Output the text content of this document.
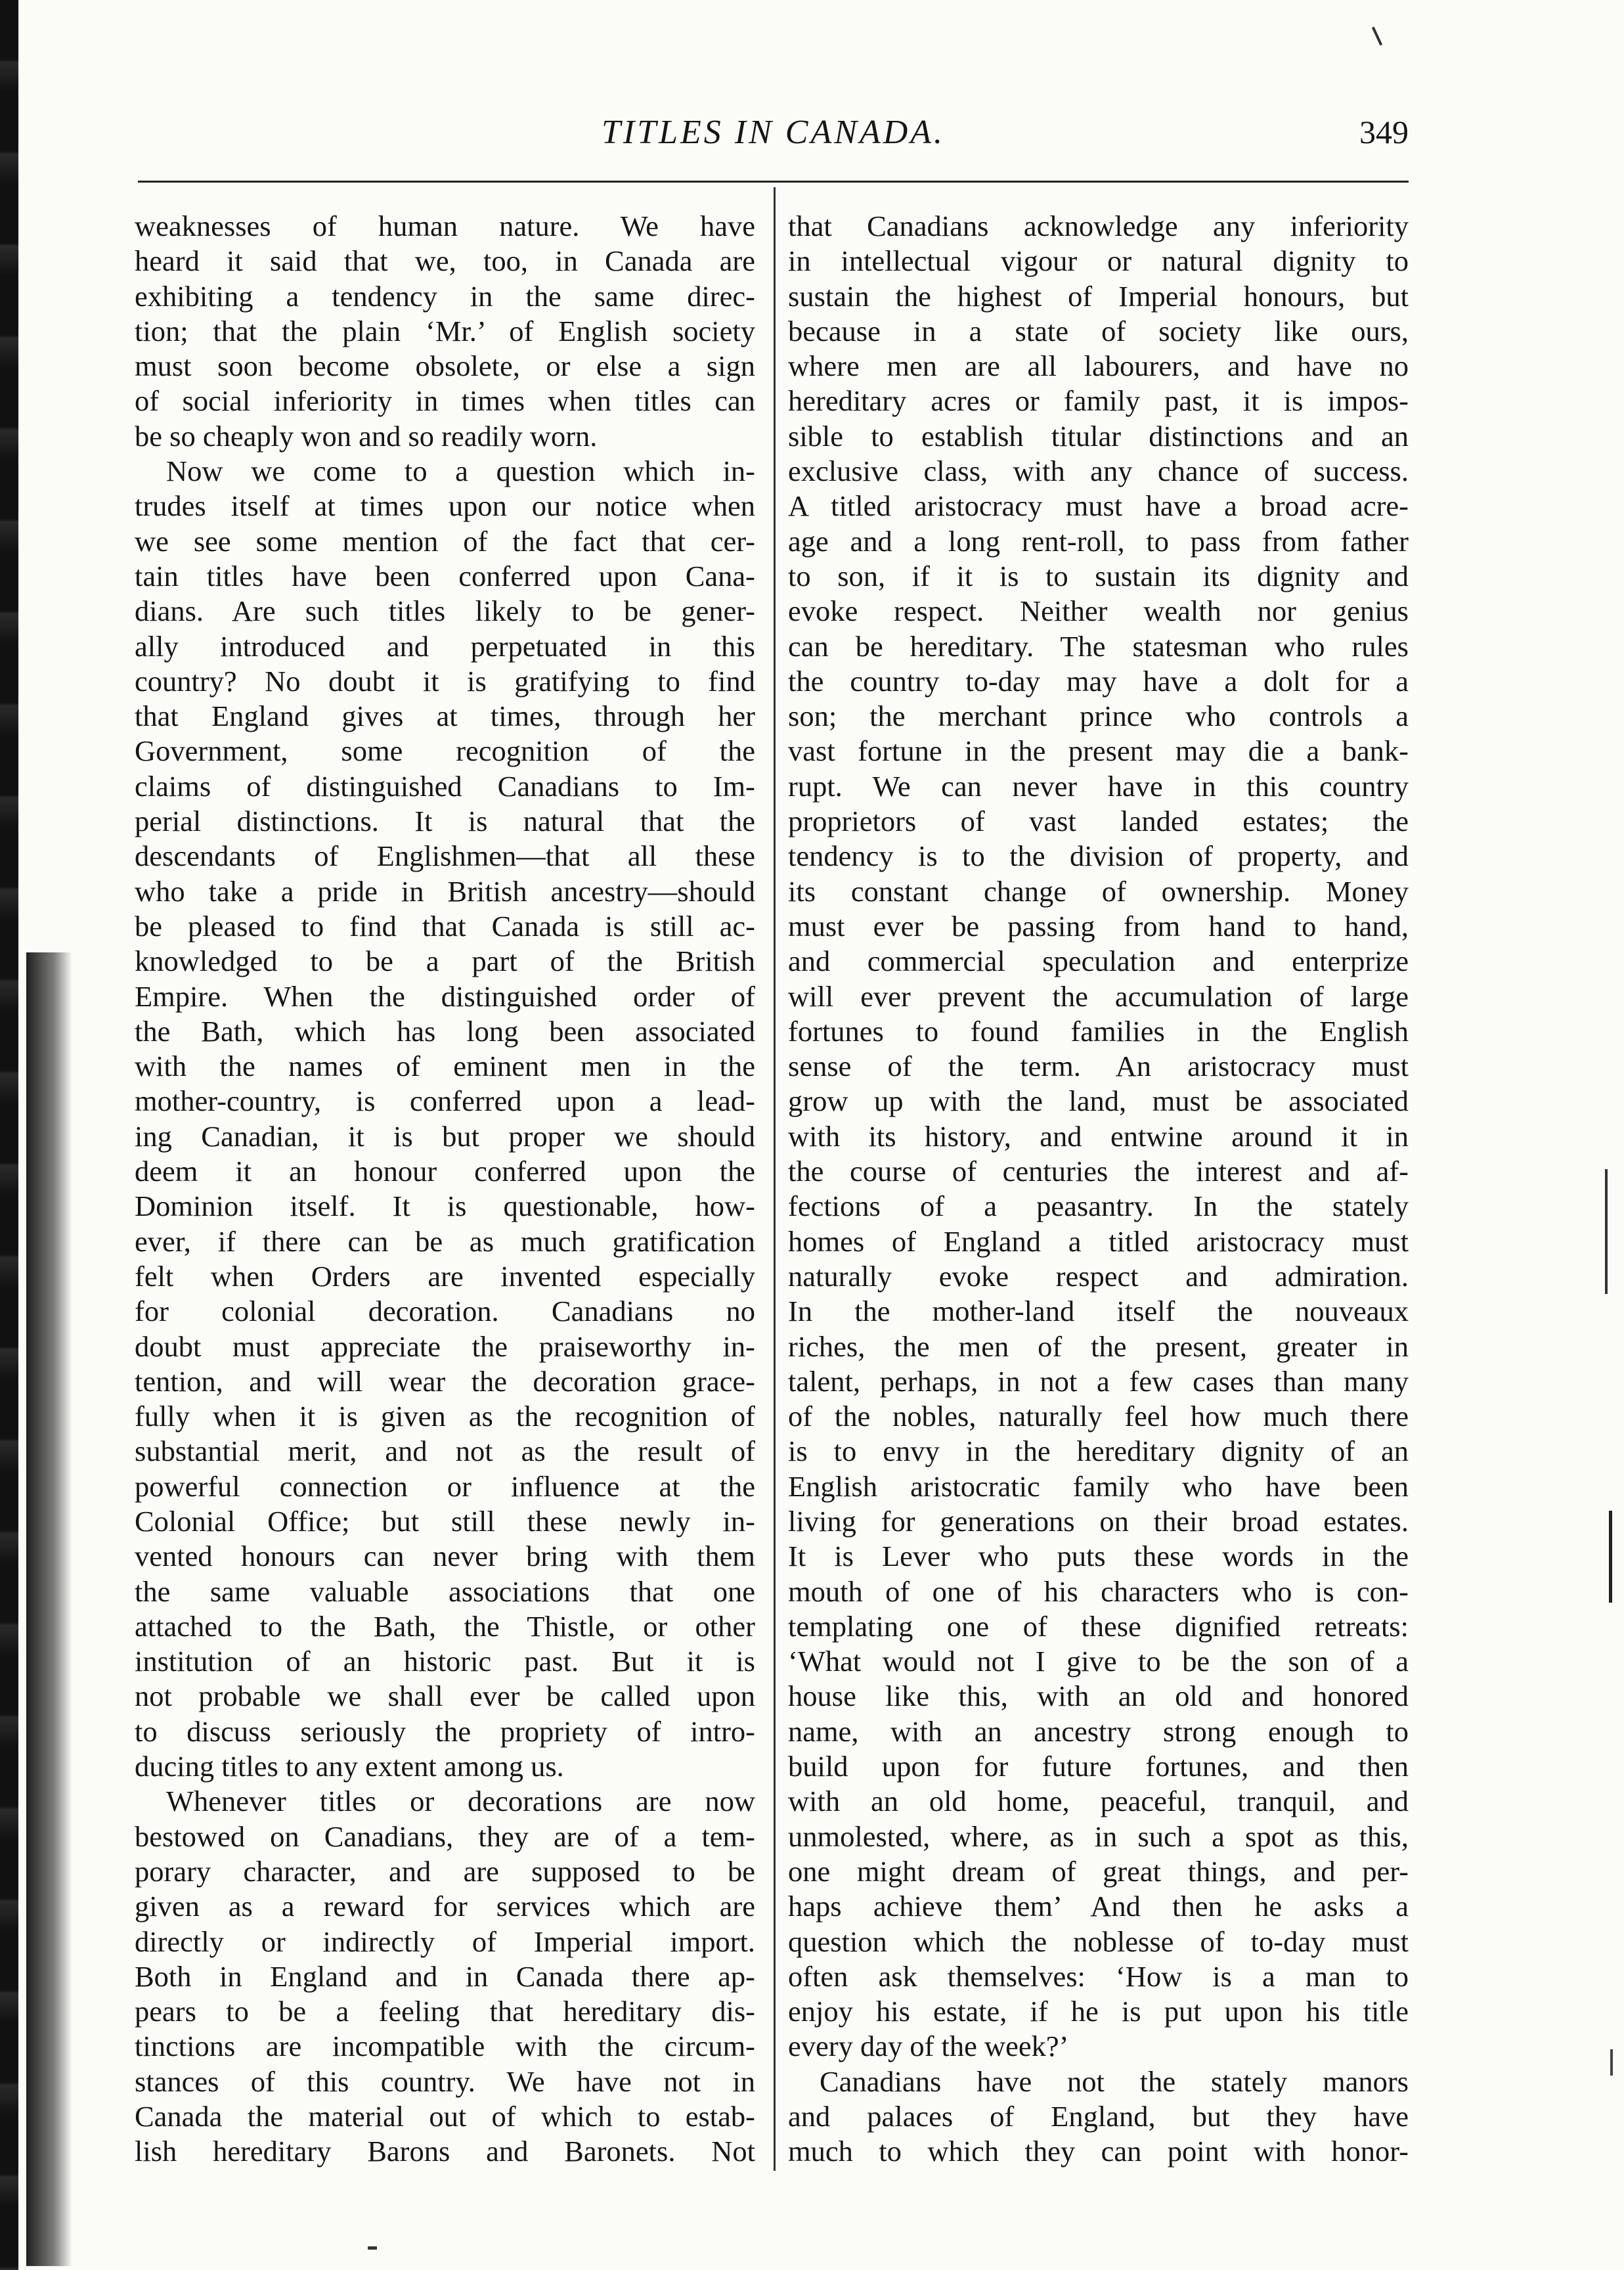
TITLES IN CANADA.	349
weaknesses of human nature. We have
heard it said that we, too, in Canada are
exhibiting a tendency in the same direc-
tion; that the plain ‘Mr.’ of English society
must soon become obsolete, or else a sign
of social inferiority in times when titles can
be so cheaply won and so readily worn.
Now we come to a question which in-
trudes itself at times upon our notice when
we see some mention of the fact that cer-
tain titles have been conferred upon Cana-
dians. Are such titles likely to be gener-
ally introduced and perpetuated in this
country? No doubt it is gratifying to find
that England gives at times, through her
Government, some recognition of the
claims of distinguished Canadians to Im-
perial distinctions. It is natural that the
descendants of Englishmen—that all these
who take a pride in British ancestry—should
be pleased to find that Canada is still ac-
knowledged to be a part of the British
Empire. When the distinguished order of
the Bath, which has long been associated
with the names of eminent men in the
mother-country, is conferred upon a lead-
ing Canadian, it is but proper we should
deem it an honour conferred upon the
Dominion itself. It is questionable, how-
ever, if there can be as much gratification
felt when Orders are invented especially
for colonial decoration. Canadians no
doubt must appreciate the praiseworthy in-
tention, and will wear the decoration grace-
fully when it is given as the recognition of
substantial merit, and not as the result of
powerful connection or influence at the
Colonial Office; but still these newly in-
vented honours can never bring with them
the same valuable associations that one
attached to the Bath, the Thistle, or other
institution of an historic past. But it is
not probable we shall ever be called upon
to discuss seriously the propriety of intro-
ducing titles to any extent among us.
Whenever titles or decorations are now
bestowed on Canadians, they are of a tem-
porary character, and are supposed to be
given as a reward for services which are
directly or indirectly of Imperial import.
Both in England and in Canada there ap-
pears to be a feeling that hereditary dis-
tinctions are incompatible with the circum-
stances of this country. We have not in
Canada the material out of which to estab-
lish hereditary Barons and Baronets. Not
that Canadians acknowledge any inferiority
in intellectual vigour or natural dignity to
sustain the highest of Imperial honours, but
because in a state of society like ours,
where men are all labourers, and have no
hereditary acres or family past, it is impos-
sible to establish titular distinctions and an
exclusive class, with any chance of success.
A titled aristocracy must have a broad acre-
age and a long rent-roll, to pass from father
to son, if it is to sustain its dignity and
evoke respect. Neither wealth nor genius
can be hereditary. The statesman who rules
the country to-day may have a dolt for a
son; the merchant prince who controls a
vast fortune in the present may die a bank-
rupt. We can never have in this country
proprietors of vast landed estates; the
tendency is to the division of property, and
its constant change of ownership. Money
must ever be passing from hand to hand,
and commercial speculation and enterprize
will ever prevent the accumulation of large
fortunes to found families in the English
sense of the term. An aristocracy must
grow up with the land, must be associated
with its history, and entwine around it in
the course of centuries the interest and af-
fections of a peasantry. In the stately
homes of England a titled aristocracy must
naturally evoke respect and admiration.
In the mother-land itself the nouveaux
riches, the men of the present, greater in
talent, perhaps, in not a few cases than many
of the nobles, naturally feel how much there
is to envy in the hereditary dignity of an
English aristocratic family who have been
living for generations on their broad estates.
It is Lever who puts these words in the
mouth of one of his characters who is con-
templating one of these dignified retreats:
‘What would not I give to be the son of a
house like this, with an old and honored
name, with an ancestry strong enough to
build upon for future fortunes, and then
with an old home, peaceful, tranquil, and
unmolested, where, as in such a spot as this,
one might dream of great things, and per-
haps achieve them’ And then he asks a
question which the noblesse of to-day must
often ask themselves: ‘How is a man to
enjoy his estate, if he is put upon his title
every day of the week?’
Canadians have not the stately manors
and palaces of England, but they have
much to which they can point with honor-
